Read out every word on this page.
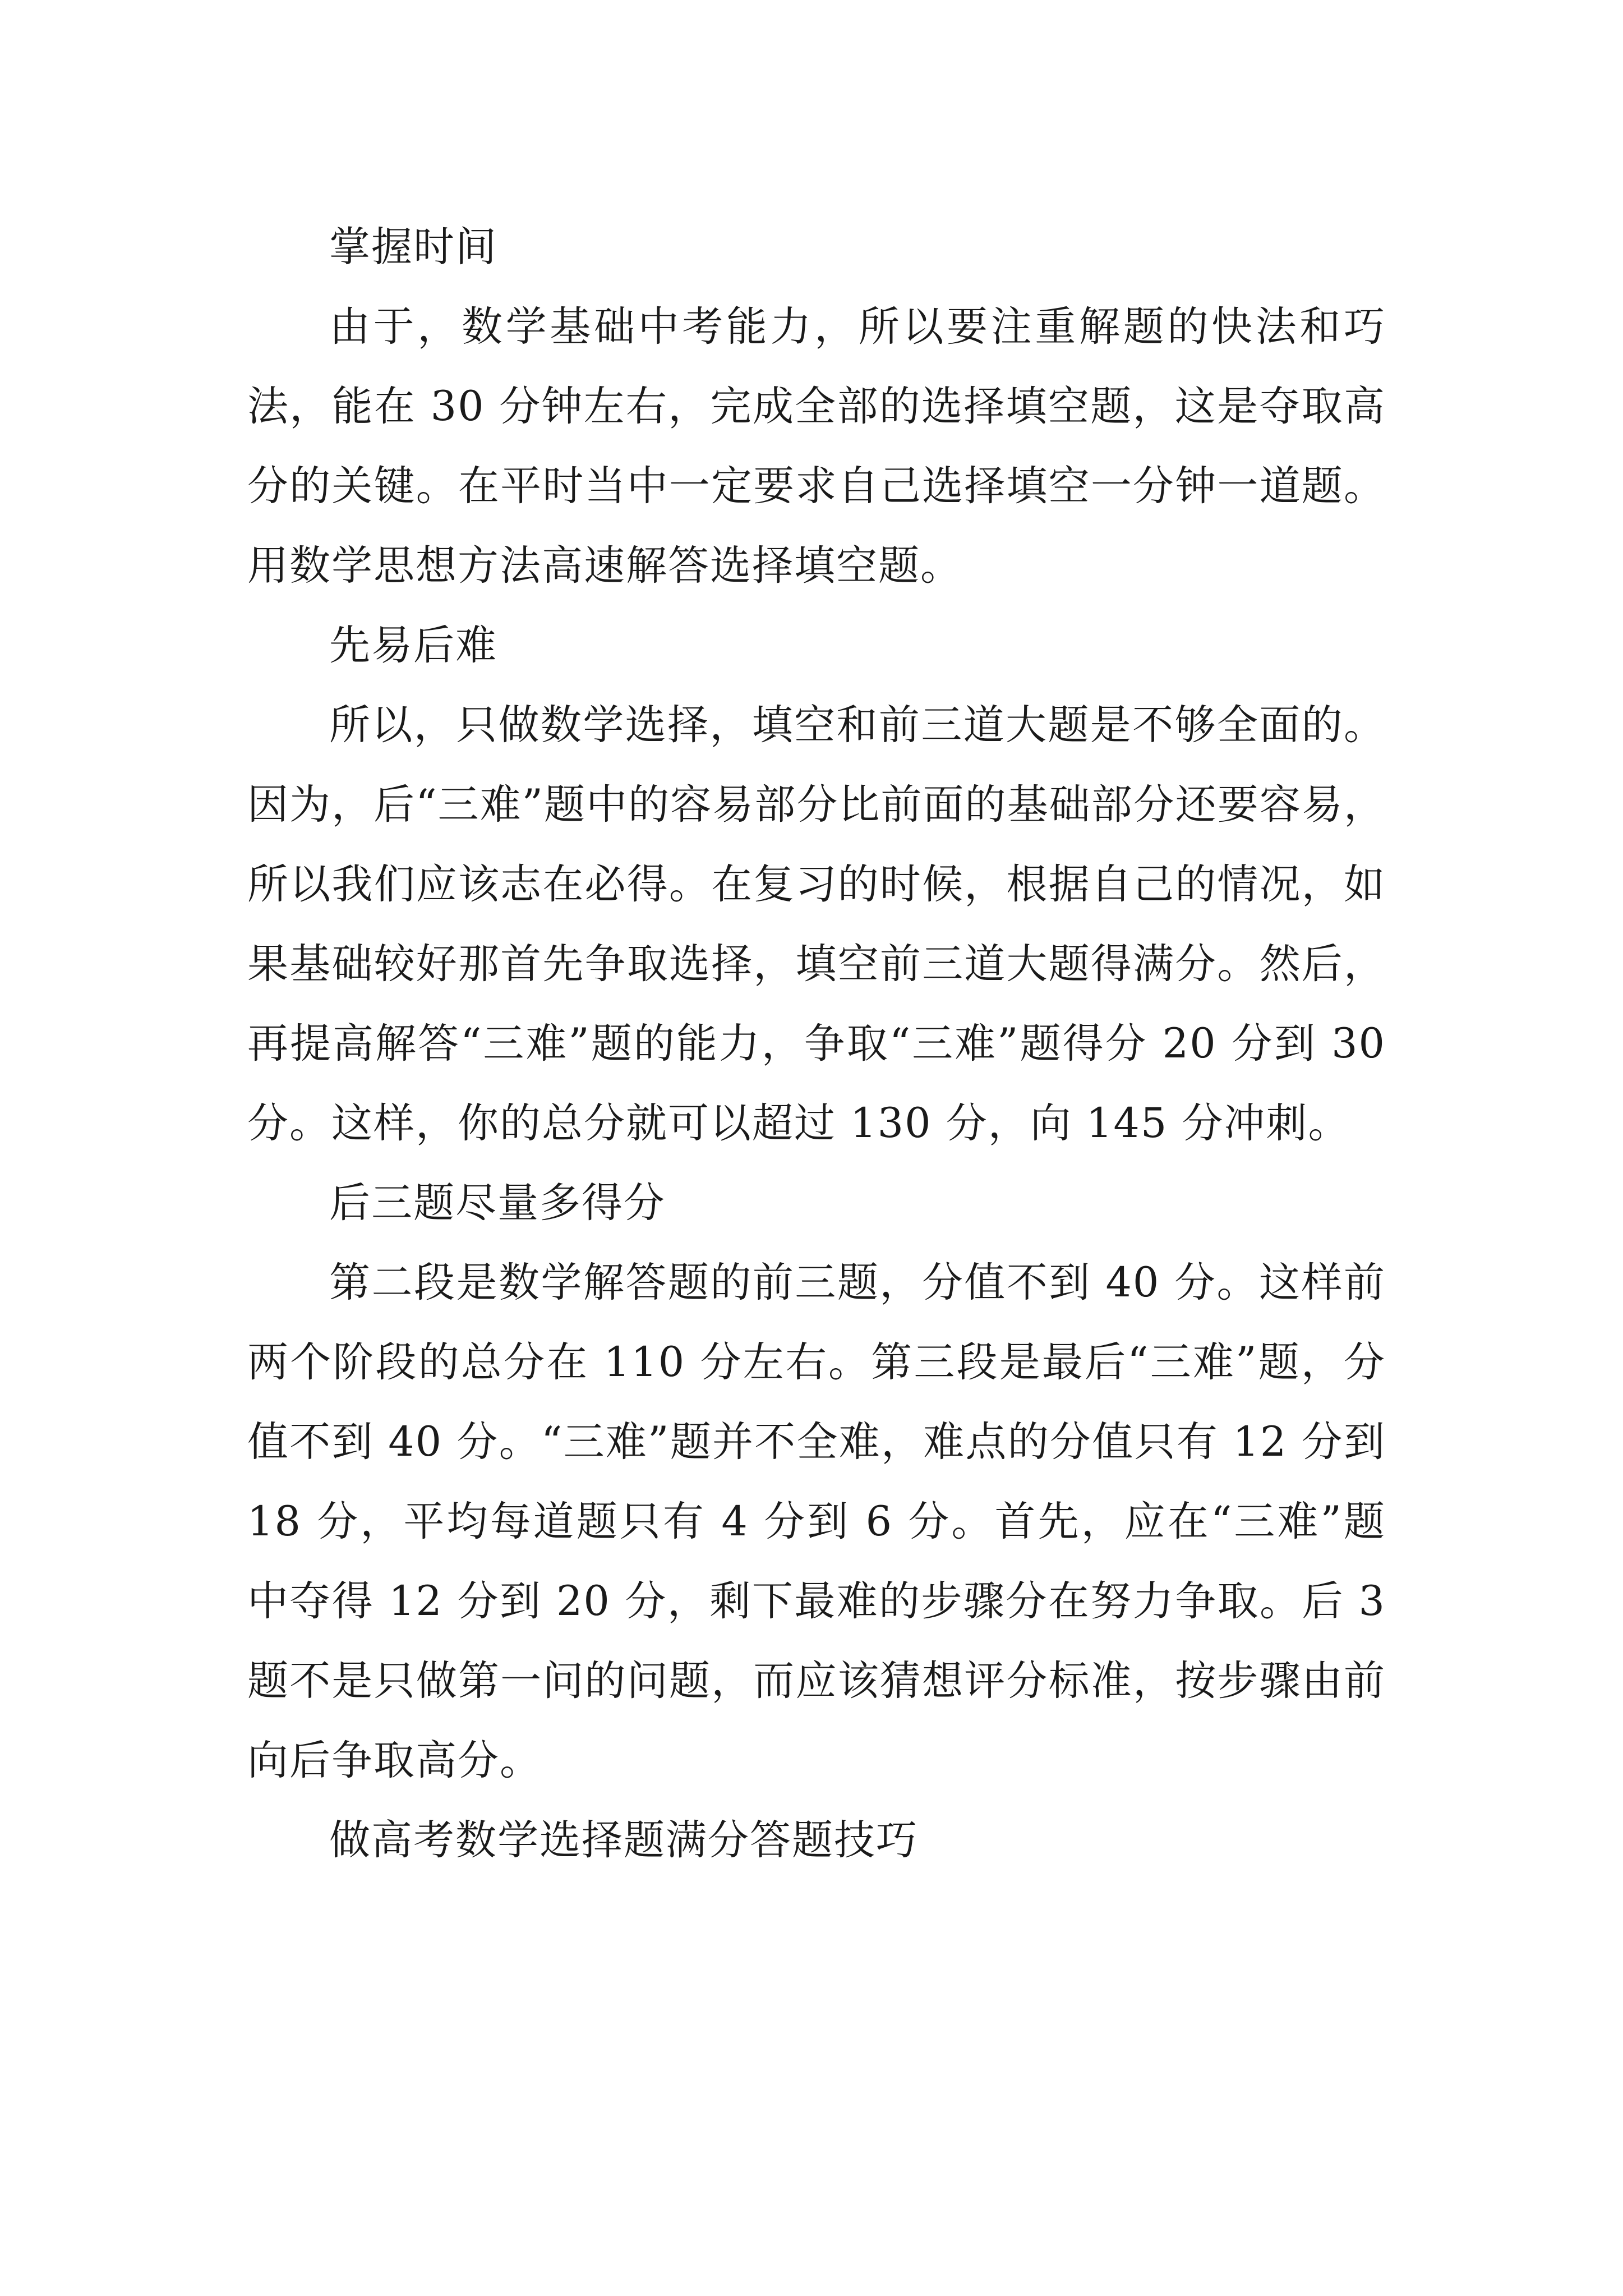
掌握时间

由于，数学基础中考能力，所以要注重解题的快法和巧法，能在 30 分钟左右，完成全部的选择填空题，这是夺取高分的关键。在平时当中一定要求自己选择填空一分钟一道题。用数学思想方法高速解答选择填空题。

先易后难

所以，只做数学选择，填空和前三道大题是不够全面的。因为，后“三难”题中的容易部分比前面的基础部分还要容易，所以我们应该志在必得。在复习的时候，根据自己的情况，如果基础较好那首先争取选择，填空前三道大题得满分。然后，再提高解答“三难”题的能力，争取“三难”题得分 20 分到 30 分。这样，你的总分就可以超过 130 分，向 145 分冲刺。

后三题尽量多得分

第二段是数学解答题的前三题，分值不到 40 分。这样前两个阶段的总分在 110 分左右。第三段是最后“三难”题，分值不到 40 分。“三难”题并不全难，难点的分值只有 12 分到 18 分，平均每道题只有 4 分到 6 分。首先，应在“三难”题中夺得 12 分到 20 分，剩下最难的步骤分在努力争取。后 3 题不是只做第一问的问题，而应该猜想评分标准，按步骤由前向后争取高分。

做高考数学选择题满分答题技巧
